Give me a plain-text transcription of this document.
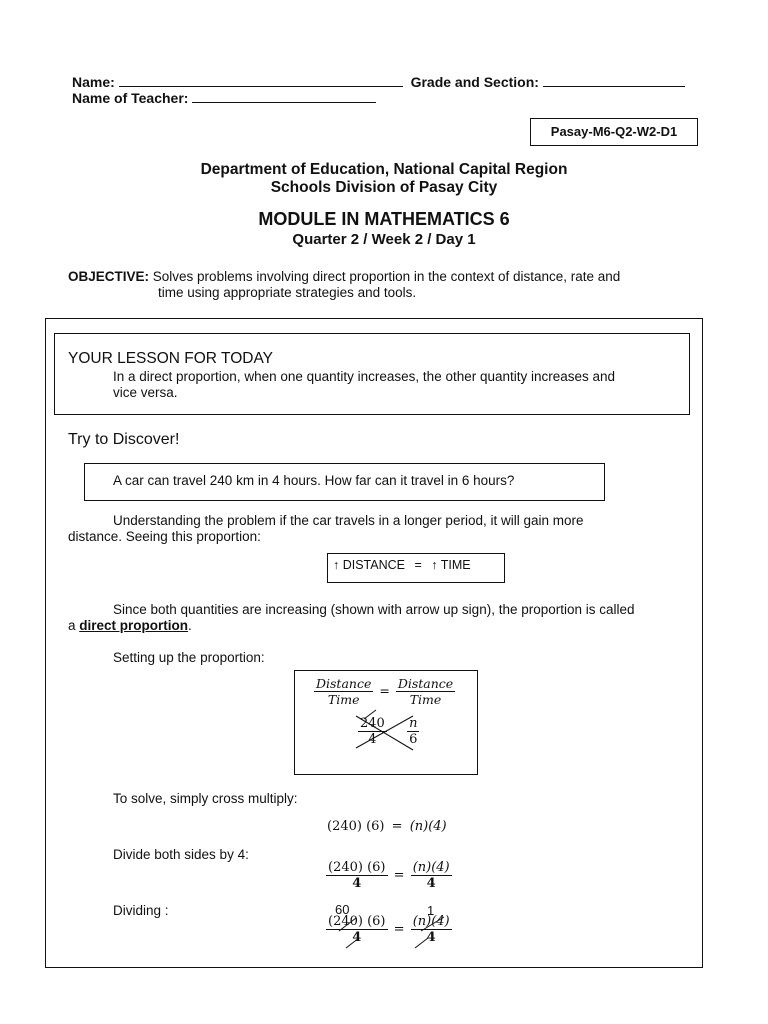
Name:	Grade and Section:
Name of Teacher:
Pasay-M6-Q2-W2-D1
Department of Education, National Capital Region
Schools Division of Pasay City
MODULE IN MATHEMATICS 6
Quarter 2 / Week 2 / Day 1
OBJECTIVE: Solves problems involving direct proportion in the context of distance, rate and
time using appropriate strategies and tools.
YOUR LESSON FOR TODAY
In a direct proportion, when one quantity increases, the other quantity increases and
vice versa.
Try to Discover!
A car can travel 240 km in 4 hours. How far can it travel in 6 hours?
Understanding the problem if the car travels in a longer period, it will gain more
distance. Seeing this proportion:
↑ DISTANCE = ↑ TIME
Since both quantities are increasing (shown with arrow up sign), the proportion is called
a direct proportion.
Setting up the proportion:
$\frac{\text{Distance}}{\text{Time}} = \frac{\text{Distance}}{\text{Time}}$
$\frac{240}{4}$
$\frac{n}{6}$
To solve, simply cross multiply:
(240) (6) = (n)(4)
Divide both sides by 4:
$\frac{(240) (6)}{4} = \frac{(n)(4)}{4}$
Dividing :	60	1
$\frac{(240) (6)}{4} = \frac{(n)(4)}{4}$
